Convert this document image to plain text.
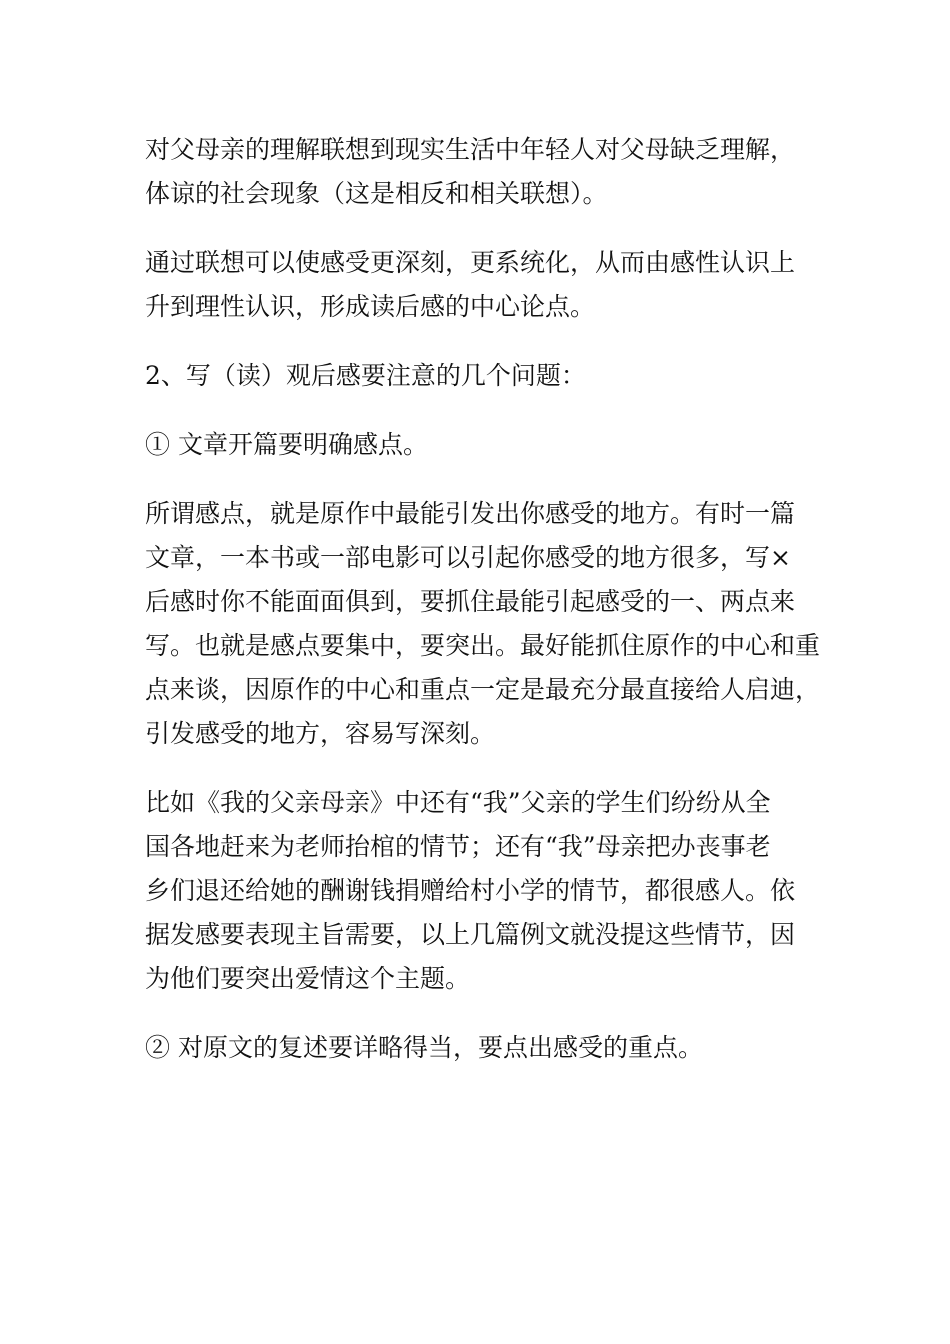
对父母亲的理解联想到现实生活中年轻人对父母缺乏理解，
体谅的社会现象（这是相反和相关联想）。

通过联想可以使感受更深刻，更系统化，从而由感性认识上
升到理性认识，形成读后感的中心论点。

2、写（读）观后感要注意的几个问题：

① 文章开篇要明确感点。

所谓感点，就是原作中最能引发出你感受的地方。有时一篇
文章，一本书或一部电影可以引起你感受的地方很多，写×
后感时你不能面面俱到，要抓住最能引起感受的一、两点来
写。也就是感点要集中，要突出。最好能抓住原作的中心和重
点来谈，因原作的中心和重点一定是最充分最直接给人启迪，
引发感受的地方，容易写深刻。

比如《我的父亲母亲》中还有“我”父亲的学生们纷纷从全
国各地赶来为老师抬棺的情节；还有“我”母亲把办丧事老
乡们退还给她的酬谢钱捐赠给村小学的情节，都很感人。依
据发感要表现主旨需要，以上几篇例文就没提这些情节，因
为他们要突出爱情这个主题。

② 对原文的复述要详略得当，要点出感受的重点。
